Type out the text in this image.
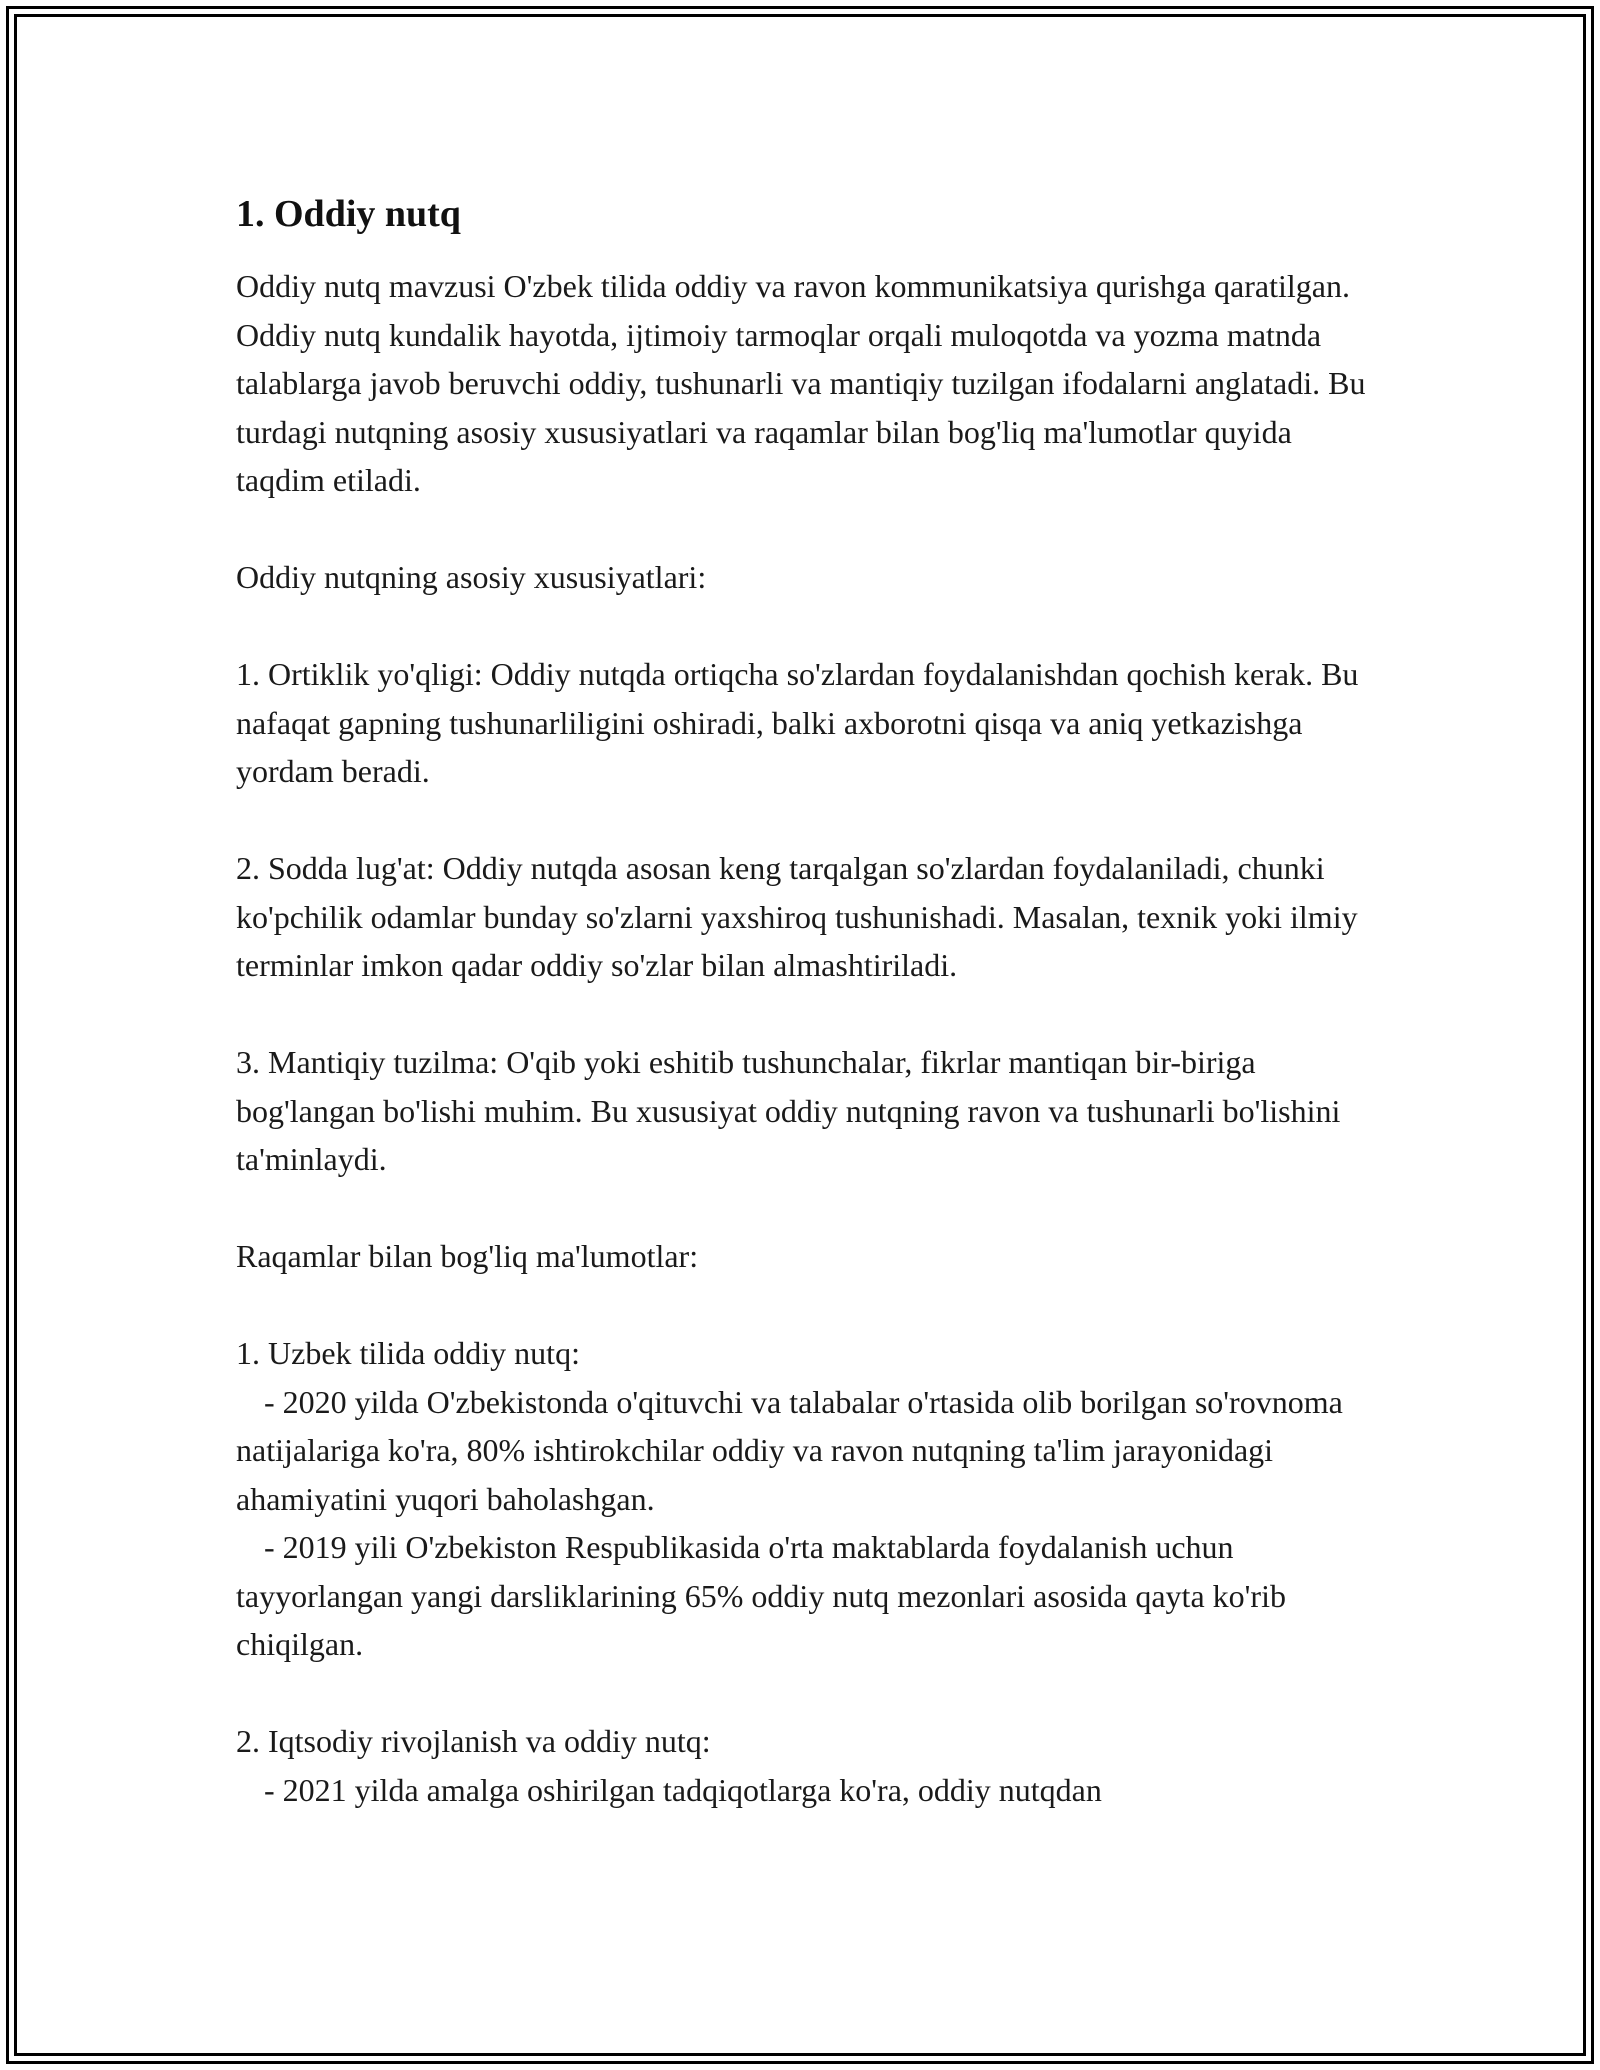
1. Oddiy nutq

Oddiy nutq mavzusi O'zbek tilida oddiy va ravon kommunikatsiya qurishga qaratilgan. Oddiy nutq kundalik hayotda, ijtimoiy tarmoqlar orqali muloqotda va yozma matnda talablarga javob beruvchi oddiy, tushunarli va mantiqiy tuzilgan ifodalarni anglatadi. Bu turdagi nutqning asosiy xususiyatlari va raqamlar bilan bog'liq ma'lumotlar quyida taqdim etiladi.

Oddiy nutqning asosiy xususiyatlari:

1. Ortiklik yo'qligi: Oddiy nutqda ortiqcha so'zlardan foydalanishdan qochish kerak. Bu nafaqat gapning tushunarliligini oshiradi, balki axborotni qisqa va aniq yetkazishga yordam beradi.

2. Sodda lug'at: Oddiy nutqda asosan keng tarqalgan so'zlardan foydalaniladi, chunki ko'pchilik odamlar bunday so'zlarni yaxshiroq tushunishadi. Masalan, texnik yoki ilmiy terminlar imkon qadar oddiy so'zlar bilan almashtiriladi.

3. Mantiqiy tuzilma: O'qib yoki eshitib tushunchalar, fikrlar mantiqan bir-biriga bog'langan bo'lishi muhim. Bu xususiyat oddiy nutqning ravon va tushunarli bo'lishini ta'minlaydi.

Raqamlar bilan bog'liq ma'lumotlar:

1. Uzbek tilida oddiy nutq:

- 2020 yilda O'zbekistonda o'qituvchi va talabalar o'rtasida olib borilgan so'rovnoma natijalariga ko'ra, 80% ishtirokchilar oddiy va ravon nutqning ta'lim jarayonidagi ahamiyatini yuqori baholashgan.

- 2019 yili O'zbekiston Respublikasida o'rta maktablarda foydalanish uchun tayyorlangan yangi darsliklarining 65% oddiy nutq mezonlari asosida qayta ko'rib chiqilgan.

2. Iqtsodiy rivojlanish va oddiy nutq:

- 2021 yilda amalga oshirilgan tadqiqotlarga ko'ra, oddiy nutqdan
